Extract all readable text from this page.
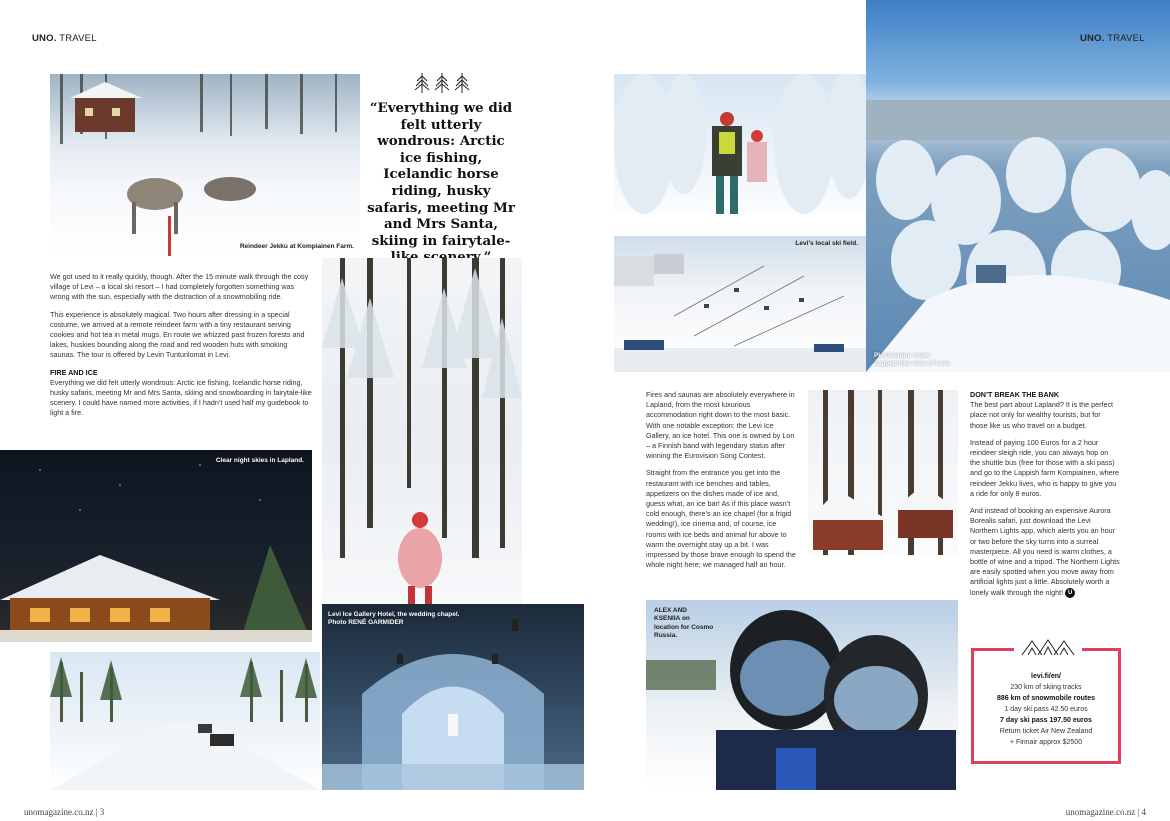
UNO. TRAVEL	UNO. TRAVEL
Reindeer Jekku at Kompiainen Farm.
“Everything we did felt utterly wondrous: Arctic ice fishing, Icelandic horse riding, husky safaris, meeting Mr and Mrs Santa, skiing in fairytale-

We got used to it really quickly, though. After the 15 minute walk through the cosy village of Levi – a local ski resort – I had completely forgotten something was wrong with the sun, especially with the distraction of a snowmobiling ride.

This experience is absolutely magical. Two hours after dressing in a special costume, we arrived at a remote reindeer farm with a tiny restaurant serving cookies and hot tea in metal mugs. En route we whizzed past frozen forests and lakes, huskies bounding along the road and red wooden huts with smoking saunas. The tour is offered by Levin Tunturilomat in Levi.

FIRE AND ICE

Everything we did felt utterly wondrous: Arctic ice fishing, Icelandic horse riding, husky safaris, meeting Mr and Mrs Santa, skiing and snowboarding in fairytale-like scenery. I could have named more activities, if I hadn’t used half my guidebook to light a fire.

Clear night skies in Lapland.
Levi Ice Gallery Hotel, the wedding chapel.
Photo RENÉ GARMIDER
unomagazine.co.nz | 3
Levi’s local ski field.
Picturesque snow
capped tree view of Levi.

Fires and saunas are absolutely everywhere in Lapland, from the most luxurious accommodation right down to the most basic. With one notable exception: the Levi Ice Gallery, an ice hotel. This one is owned by Lon – a Finnish band with legendary status after winning the Eurovision Song Contest.

Straight from the entrance you get into the restaurant with ice benches and tables, appetizers on the dishes made of ice and, guess what, an ice bar! As if this place wasn’t cold enough, there’s an ice chapel (for a frigid wedding!), ice cinema and, of course, ice rooms with ice beds and animal fur above to warm the overnight stay up a bit. I was impressed by those brave enough to spend the whole night here; we managed half an hour.

ALEX AND KSENIIA on location for Cosmo Russia.
DON’T BREAK THE BANK

The best part about Lapland? It is the perfect place not only for wealthy tourists, but for those like us who travel on a budget.

Instead of paying 100 Euros for a 2 hour reindeer sleigh ride, you can always hop on the shuttle bus (free for those with a ski pass) and go to the Lappish farm Kompiainen, where reindeer Jekku lives, who is happy to give you a ride for only 8 euros.

And instead of booking an expensive Aurora Borealis safari, just download the Levi Northern Lights app, which alerts you an hour or two before the sky turns into a surreal masterpiece. All you need is warm clothes, a bottle of wine and a tripod. The Northern Lights are easily spotted when you move away from artificial lights just a little. Absolutely worth a lonely walk through the night! U

levi.fi/en/
230 km of skiing tracks
886 km of snowmobile routes
1 day ski pass 42.50 euros
7 day ski pass 197.50 euros
Return ticket Air New Zealand
+ Finnair approx $2500
unomagazine.co.nz | 4
